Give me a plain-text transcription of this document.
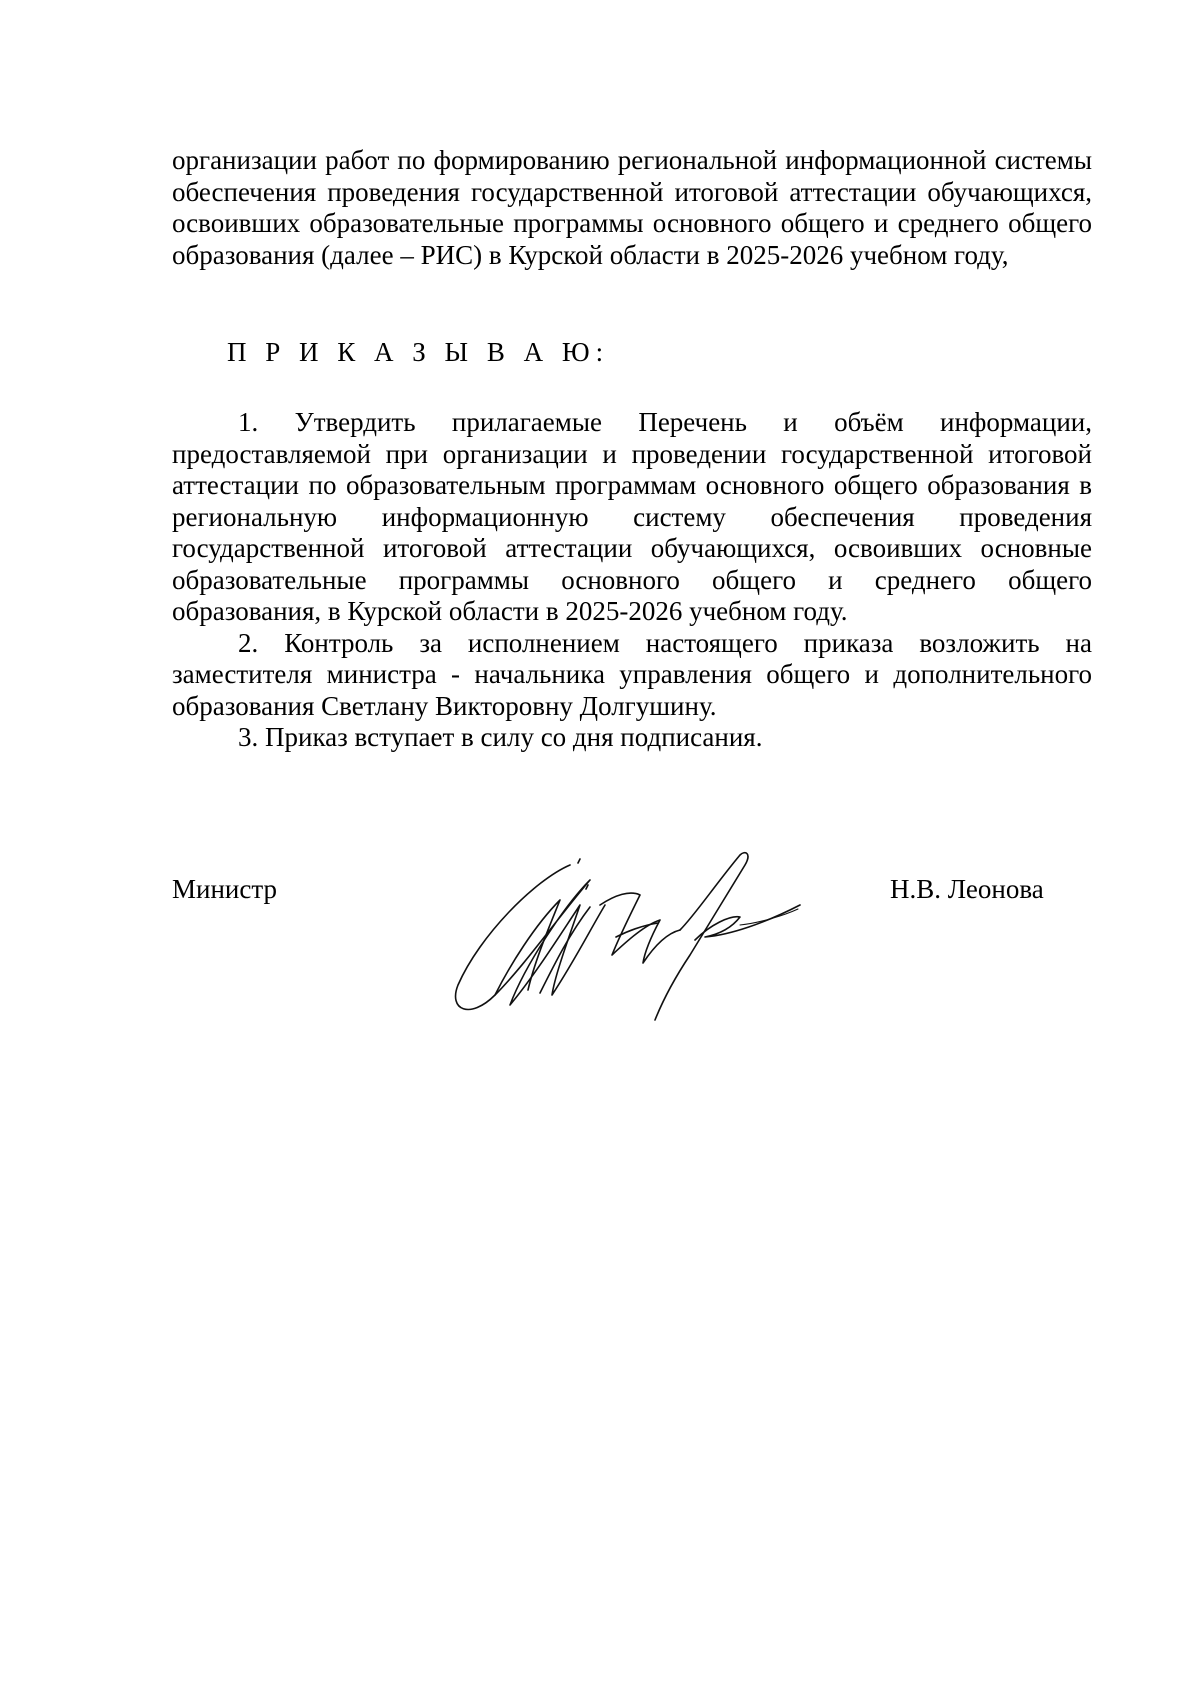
организации работ по формированию региональной информационной системы обеспечения проведения государственной итоговой аттестации обучающихся, освоивших образовательные программы основного общего и среднего общего образования (далее – РИС) в Курской области в 2025-2026 учебном году,

П Р И К А З Ы В А Ю:

1. Утвердить прилагаемые Перечень и объём информации, предоставляемой при организации и проведении государственной итоговой аттестации по образовательным программам основного общего образования в региональную информационную систему обеспечения проведения государственной итоговой аттестации обучающихся, освоивших основные образовательные программы основного общего и среднего общего образования, в Курской области в 2025-2026 учебном году.

2. Контроль за исполнением настоящего приказа возложить на заместителя министра - начальника управления общего и дополнительного образования Светлану Викторовну Долгушину.

3. Приказ вступает в силу со дня подписания.

Министр	Н.В. Леонова
